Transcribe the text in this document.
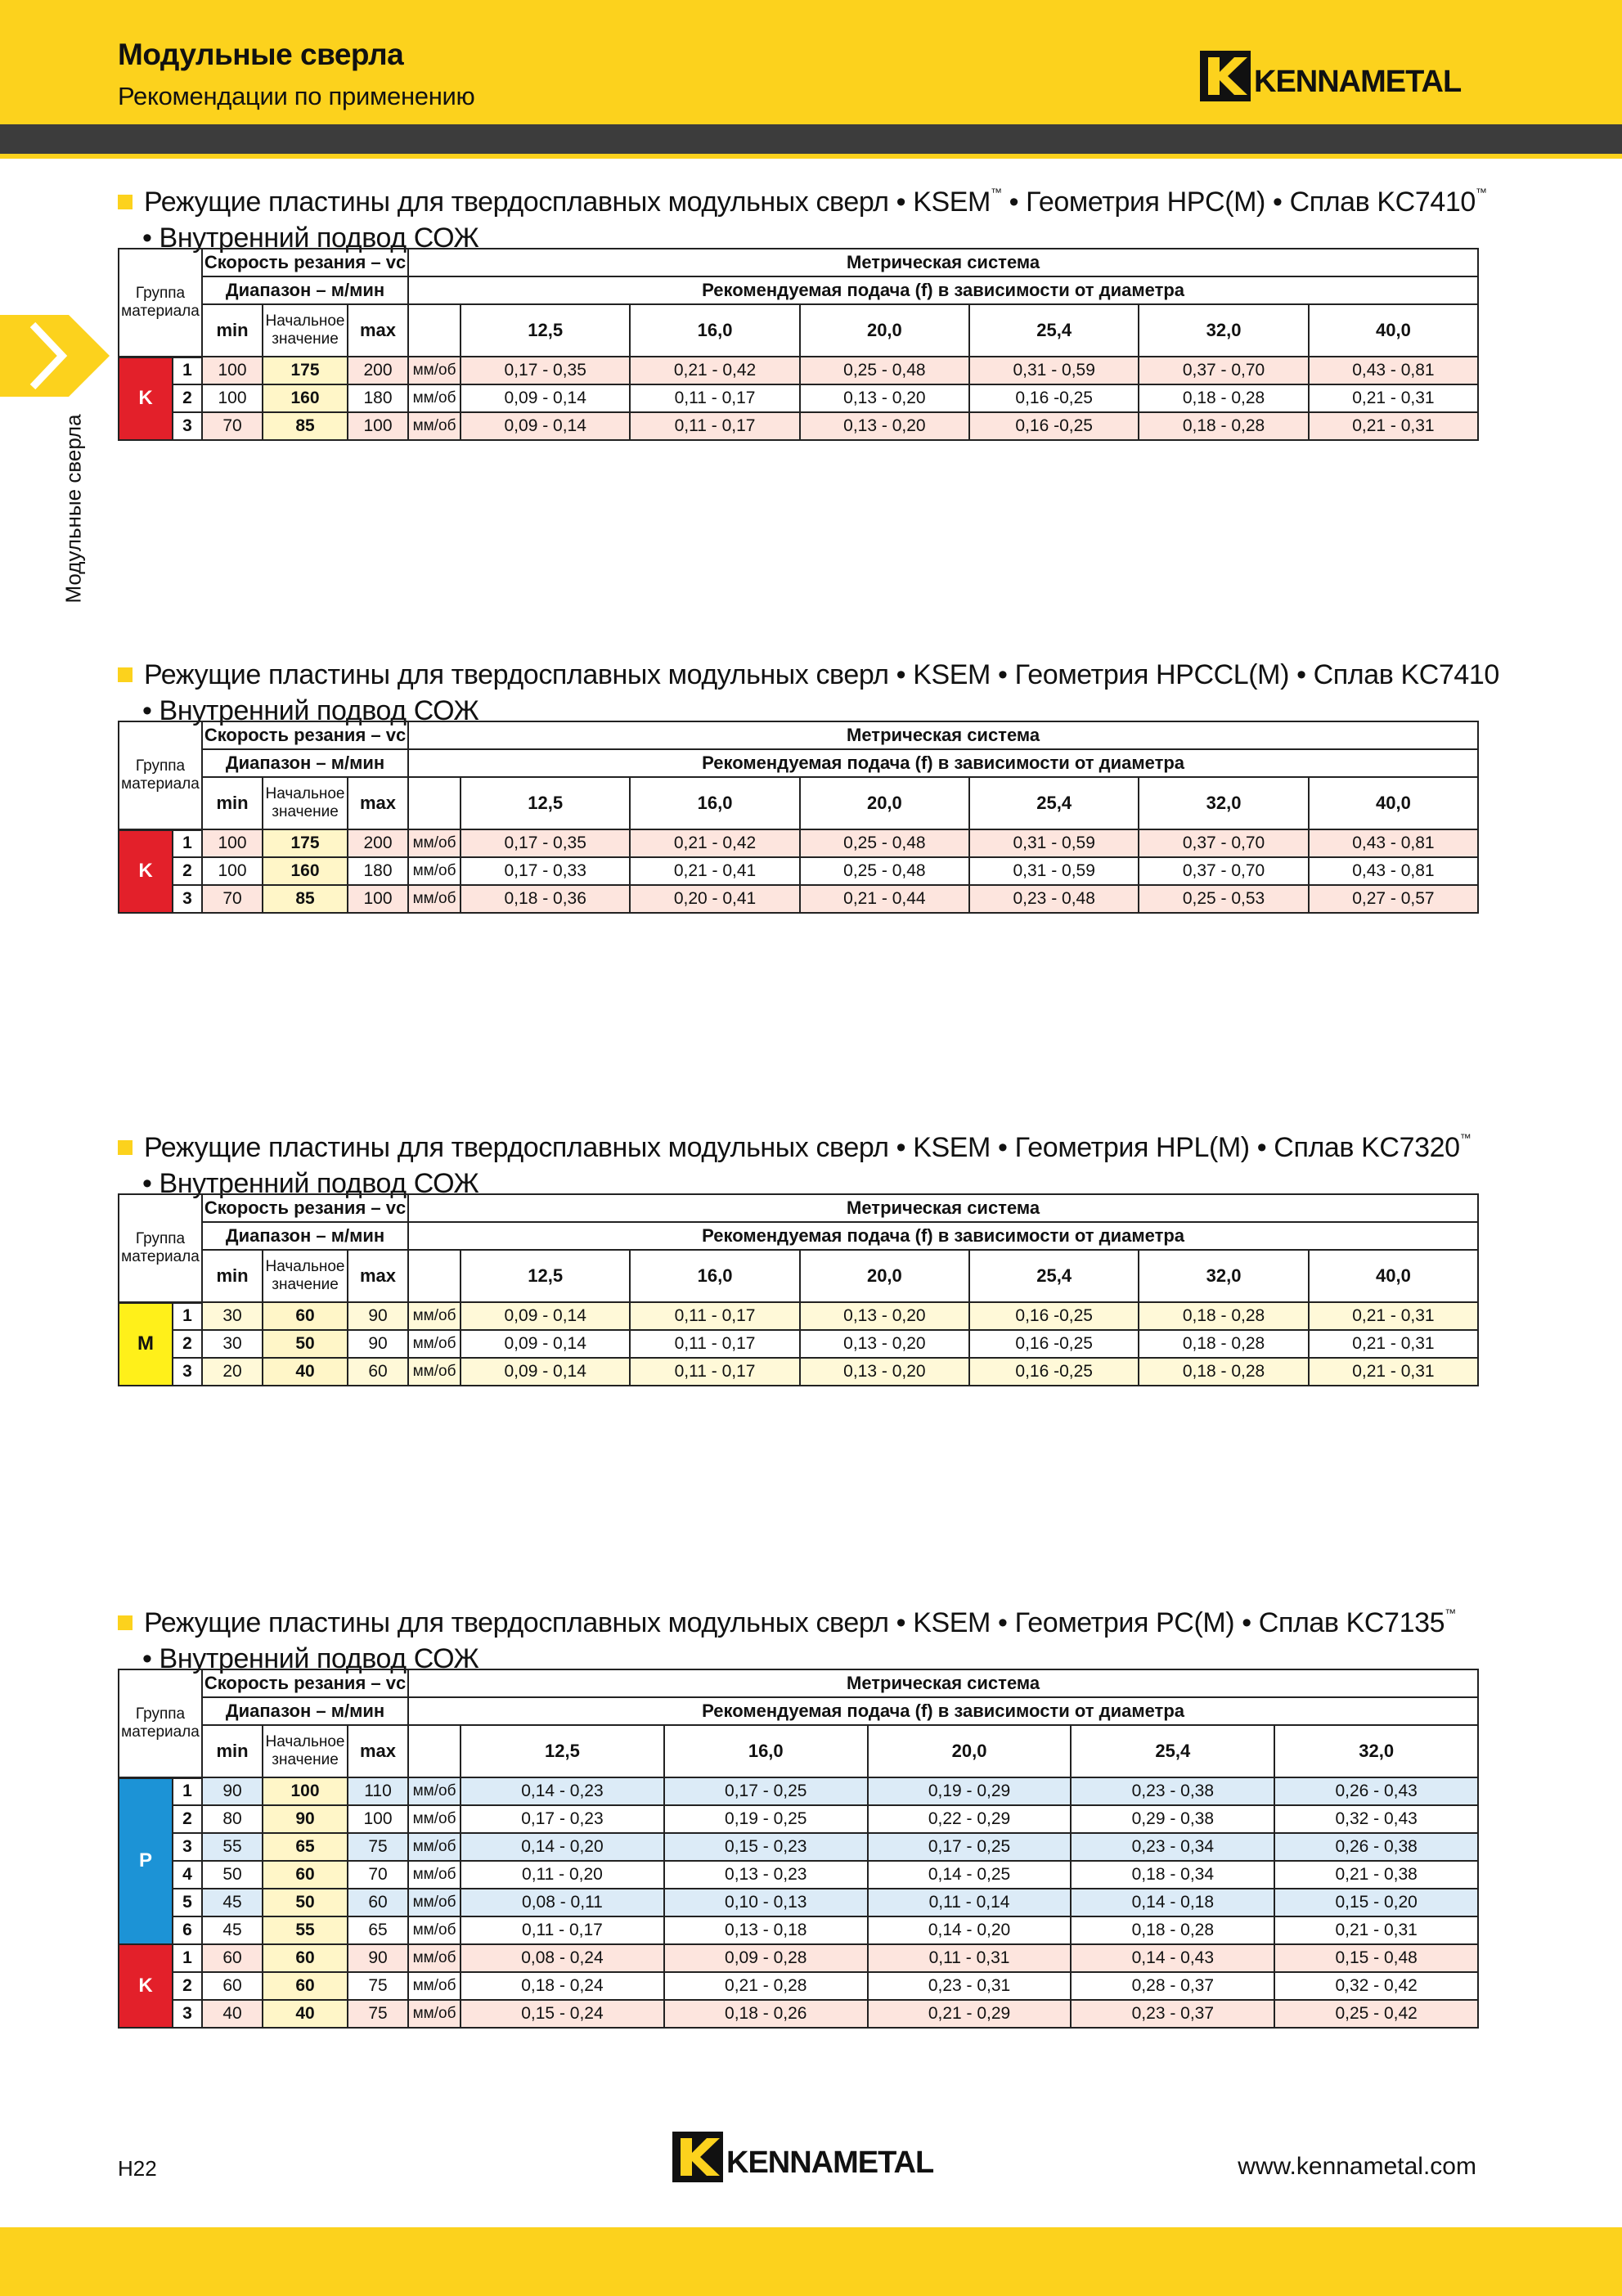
Модульные сверла
Рекомендации по применению	KENNAMETAL
Модульные сверла
Режущие пластины для твердосплавных модульных сверл • KSEM™ • Геометрия HPC(M) • Сплав KC7410™
• Внутренний подвод СОЖ
Группа
материала		Скорость резания – vc			Метрическая система						
		Диапазон – м/мин			Рекомендуемая подача (f) в зависимости от диаметра						
		min	Начальное
значение	max		12,5	16,0	20,0	25,4	32,0	40,0
K	1	100	175	200	мм/об	0,17 - 0,35	0,21 - 0,42	0,25 - 0,48	0,31 - 0,59	0,37 - 0,70	0,43 - 0,81
	2	100	160	180	мм/об	0,09 - 0,14	0,11 - 0,17	0,13 - 0,20	0,16 -0,25	0,18 - 0,28	0,21 - 0,31
	3	70	85	100	мм/об	0,09 - 0,14	0,11 - 0,17	0,13 - 0,20	0,16 -0,25	0,18 - 0,28	0,21 - 0,31
Режущие пластины для твердосплавных модульных сверл • KSEM • Геометрия HPCCL(M) • Сплав KC7410
• Внутренний подвод СОЖ
Группа
материала		Скорость резания – vc			Метрическая система						
		Диапазон – м/мин			Рекомендуемая подача (f) в зависимости от диаметра						
		min	Начальное
значение	max		12,5	16,0	20,0	25,4	32,0	40,0
K	1	100	175	200	мм/об	0,17 - 0,35	0,21 - 0,42	0,25 - 0,48	0,31 - 0,59	0,37 - 0,70	0,43 - 0,81
	2	100	160	180	мм/об	0,17 - 0,33	0,21 - 0,41	0,25 - 0,48	0,31 - 0,59	0,37 - 0,70	0,43 - 0,81
	3	70	85	100	мм/об	0,18 - 0,36	0,20 - 0,41	0,21 - 0,44	0,23 - 0,48	0,25 - 0,53	0,27 - 0,57
Режущие пластины для твердосплавных модульных сверл • KSEM • Геометрия HPL(M) • Сплав KC7320™
• Внутренний подвод СОЖ
Группа
материала		Скорость резания – vc			Метрическая система						
		Диапазон – м/мин			Рекомендуемая подача (f) в зависимости от диаметра						
		min	Начальное
значение	max		12,5	16,0	20,0	25,4	32,0	40,0
M	1	30	60	90	мм/об	0,09 - 0,14	0,11 - 0,17	0,13 - 0,20	0,16 -0,25	0,18 - 0,28	0,21 - 0,31
	2	30	50	90	мм/об	0,09 - 0,14	0,11 - 0,17	0,13 - 0,20	0,16 -0,25	0,18 - 0,28	0,21 - 0,31
	3	20	40	60	мм/об	0,09 - 0,14	0,11 - 0,17	0,13 - 0,20	0,16 -0,25	0,18 - 0,28	0,21 - 0,31
Режущие пластины для твердосплавных модульных сверл • KSEM • Геометрия PC(M) • Сплав KC7135™
• Внутренний подвод СОЖ
Группа
материала		Скорость резания – vc			Метрическая система					
		Диапазон – м/мин			Рекомендуемая подача (f) в зависимости от диаметра					
		min	Начальное
значение	max		12,5	16,0	20,0	25,4	32,0
P	1	90	100	110	мм/об	0,14 - 0,23	0,17 - 0,25	0,19 - 0,29	0,23 - 0,38	0,26 - 0,43
	2	80	90	100	мм/об	0,17 - 0,23	0,19 - 0,25	0,22 - 0,29	0,29 - 0,38	0,32 - 0,43
	3	55	65	75	мм/об	0,14 - 0,20	0,15 - 0,23	0,17 - 0,25	0,23 - 0,34	0,26 - 0,38
	4	50	60	70	мм/об	0,11 - 0,20	0,13 - 0,23	0,14 - 0,25	0,18 - 0,34	0,21 - 0,38
	5	45	50	60	мм/об	0,08 - 0,11	0,10 - 0,13	0,11 - 0,14	0,14 - 0,18	0,15 - 0,20
	6	45	55	65	мм/об	0,11 - 0,17	0,13 - 0,18	0,14 - 0,20	0,18 - 0,28	0,21 - 0,31
K	1	60	60	90	мм/об	0,08 - 0,24	0,09 - 0,28	0,11 - 0,31	0,14 - 0,43	0,15 - 0,48
	2	60	60	75	мм/об	0,18 - 0,24	0,21 - 0,28	0,23 - 0,31	0,28 - 0,37	0,32 - 0,42
	3	40	40	75	мм/об	0,15 - 0,24	0,18 - 0,26	0,21 - 0,29	0,23 - 0,37	0,25 - 0,42
H22	KENNAMETAL	www.kennametal.com
